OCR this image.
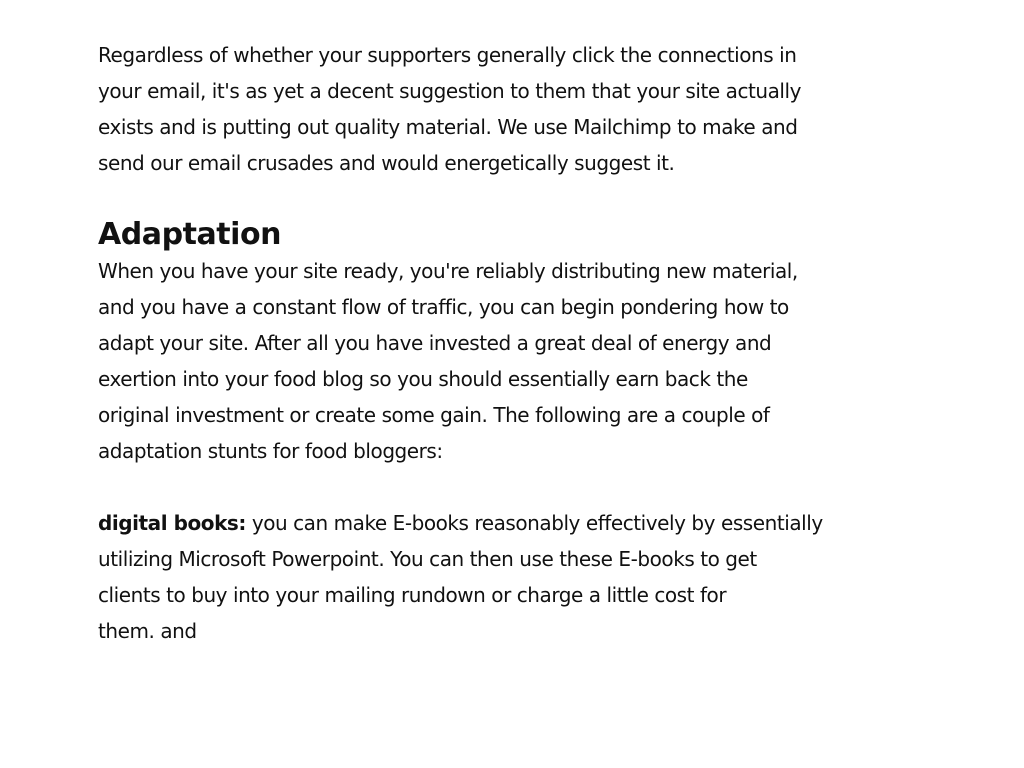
Regardless of whether your supporters generally click the connections in
your email, it's as yet a decent suggestion to them that your site actually
exists and is putting out quality material. We use Mailchimp to make and
send our email crusades and would energetically suggest it.

Adaptation

When you have your site ready, you're reliably distributing new material,
and you have a constant flow of traffic, you can begin pondering how to
adapt your site. After all you have invested a great deal of energy and
exertion into your food blog so you should essentially earn back the
original investment or create some gain. The following are a couple of
adaptation stunts for food bloggers:

digital books: you can make E-books reasonably effectively by essentially
utilizing Microsoft Powerpoint. You can then use these E-books to get
clients to buy into your mailing rundown or charge a little cost for
them. and
